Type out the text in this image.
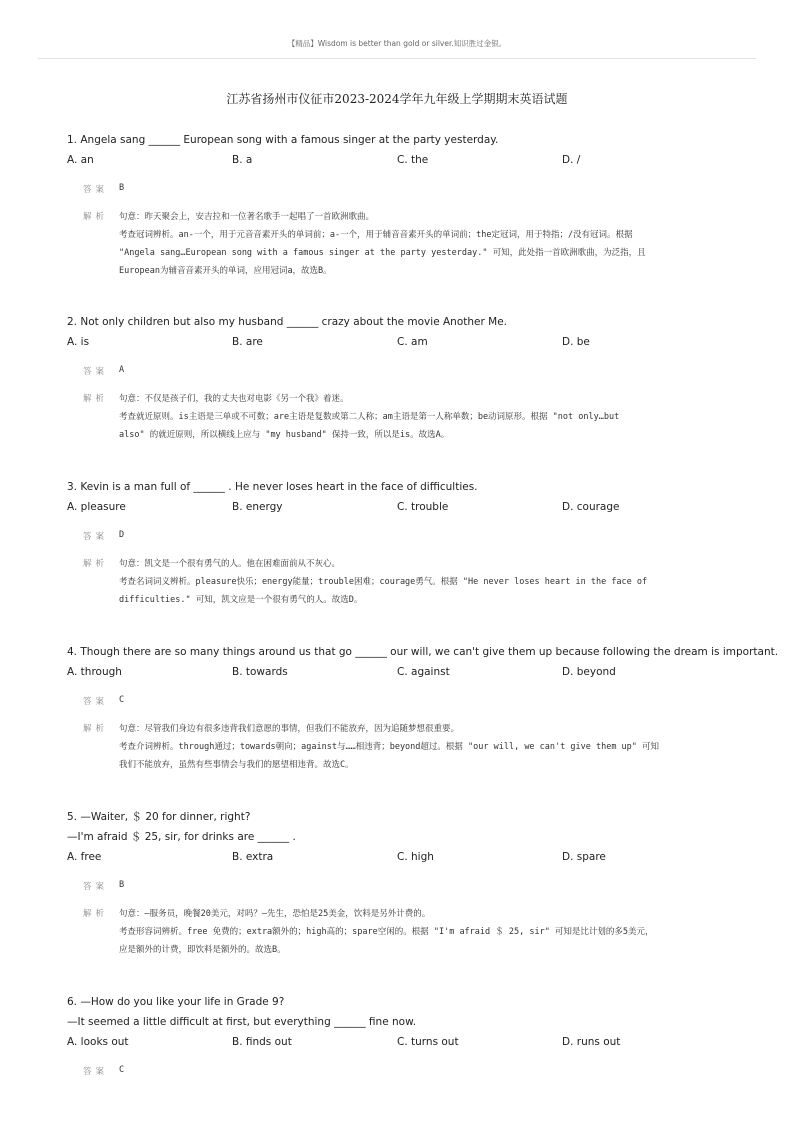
【精品】Wisdom is better than gold or silver.知识胜过金银。
江苏省扬州市仪征市2023-2024学年九年级上学期期末英语试题
1. Angela sang ______ European song with a famous singer at the party yesterday.
A. an	B. a	C. the	D. /
答案 B
解析 句意：昨天聚会上，安吉拉和一位著名歌手一起唱了一首欧洲歌曲。
考查冠词辨析。an-一个，用于元音音素开头的单词前；a-一个，用于辅音音素开头的单词前；the定冠词，用于特指；/没有冠词。根据
"Angela sang…European song with a famous singer at the party yesterday." 可知，此处指一首欧洲歌曲，为泛指，且
European为辅音音素开头的单词，应用冠词a，故选B。
2. Not only children but also my husband ______ crazy about the movie Another Me.
A. is	B. are	C. am	D. be
答案 A
解析 句意：不仅是孩子们，我的丈夫也对电影《另一个我》着迷。
考查就近原则。is主语是三单或不可数；are主语是复数或第二人称；am主语是第一人称单数；be动词原形。根据 "not only…but
also" 的就近原则，所以横线上应与 "my husband" 保持一致，所以是is。故选A。
3. Kevin is a man full of ______ . He never loses heart in the face of difficulties.
A. pleasure	B. energy	C. trouble	D. courage
答案 D
解析 句意：凯文是一个很有勇气的人。他在困难面前从不灰心。
考查名词词义辨析。pleasure快乐；energy能量；trouble困难；courage勇气。根据 "He never loses heart in the face of
difficulties." 可知，凯文应是一个很有勇气的人。故选D。
4. Though there are so many things around us that go ______ our will, we can't give them up because following the dream is important.
A. through	B. towards	C. against	D. beyond
答案 C
解析 句意：尽管我们身边有很多违背我们意愿的事情，但我们不能放弃，因为追随梦想很重要。
考查介词辨析。through通过；towards朝向；against与……相违背；beyond超过。根据 "our will, we can't give them up" 可知
我们不能放弃，虽然有些事情会与我们的愿望相违背。故选C。
5. —Waiter, ＄ 20 for dinner, right?
—I'm afraid ＄ 25, sir, for drinks are ______ .
A. free	B. extra	C. high	D. spare
答案 B
解析 句意：—服务员，晚餐20美元，对吗？—先生，恐怕是25美金，饮料是另外计费的。
考查形容词辨析。free 免费的；extra额外的；high高的；spare空闲的。根据 "I'm afraid ＄ 25, sir" 可知是比计划的多5美元，
应是额外的计费，即饮料是额外的。故选B。
6. —How do you like your life in Grade 9?
—It seemed a little difficult at first, but everything ______ fine now.
A. looks out	B. finds out	C. turns out	D. runs out
答案 C
